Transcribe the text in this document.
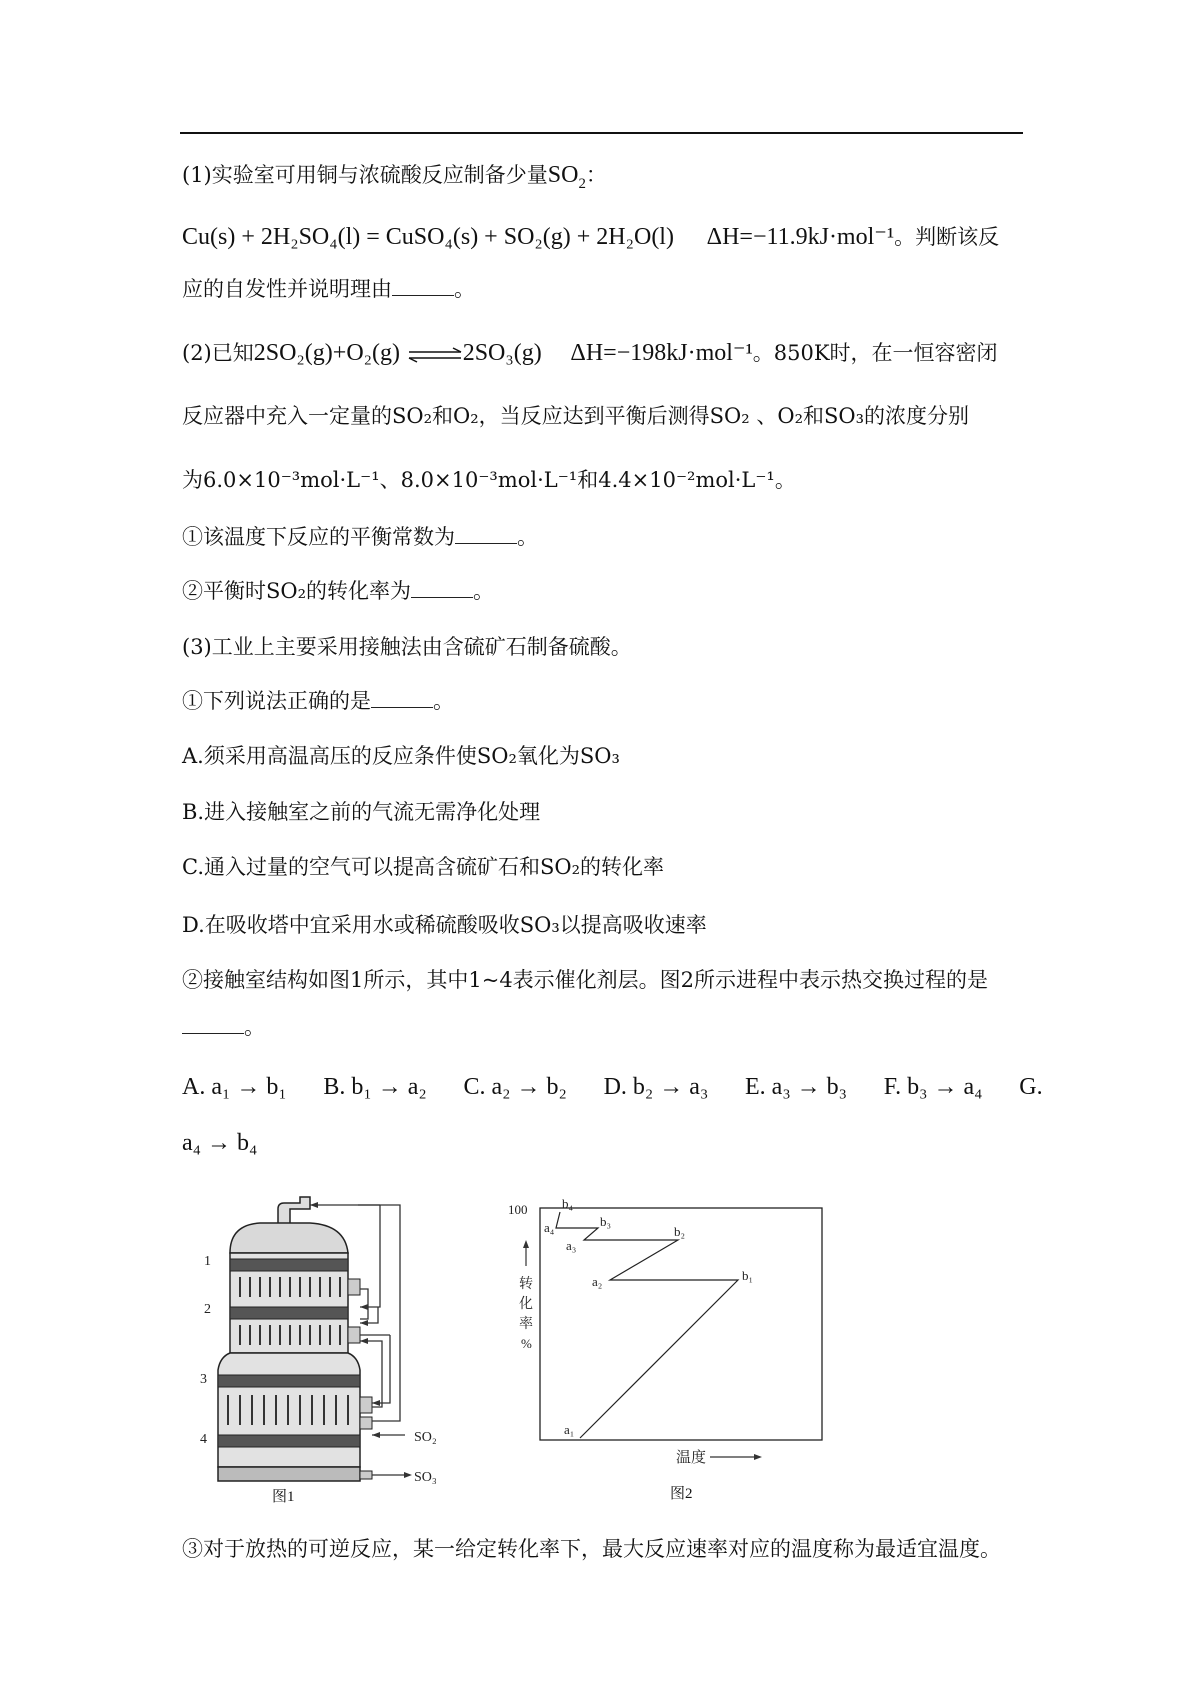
(1)实验室可用铜与浓硫酸反应制备少量$SO_2$：
Cu(s) + 2H₂SO₄(l) = CuSO₄(s) + SO₂(g) + 2H₂O(l) ΔH=−11.9kJ·mol⁻¹。判断该反
应的自发性并说明理由	。
(2)已知2SO₂(g)+O₂(g) ⇌2SO₃(g) ΔH=−198kJ·mol⁻¹。850K时，在一恒容密闭
反应器中充入一定量的SO₂和O₂，当反应达到平衡后测得SO₂ 、O₂和SO₃的浓度分别
为6.0×10⁻³mol·L⁻¹、8.0×10⁻³mol·L⁻¹和4.4×10⁻²mol·L⁻¹。
①该温度下反应的平衡常数为	。
②平衡时SO₂的转化率为	。
(3)工业上主要采用接触法由含硫矿石制备硫酸。
①下列说法正确的是	。
A.须采用高温高压的反应条件使SO₂氧化为SO₃
B.进入接触室之前的气流无需净化处理
C.通入过量的空气可以提高含硫矿石和SO₂的转化率
D.在吸收塔中宜采用水或稀硫酸吸收SO₃以提高吸收速率
②接触室结构如图1所示，其中1~4表示催化剂层。图2所示进程中表示热交换过程的是
。
A. a₁ → b₁ B. b₁ → a₂ C. a₂ → b₂ D. b₂ → a₃ E. a₃ → b₃ F. b₃ → a₄ G.
a₄ → b₄
1
2
3
4	SO₂
SO₃
图1
100
转
化
率
%
温度
a₁
b₁
a₂
b₂
a₃
b₃
a₄
b₄
图2
③对于放热的可逆反应，某一给定转化率下，最大反应速率对应的温度称为最适宜温度。
